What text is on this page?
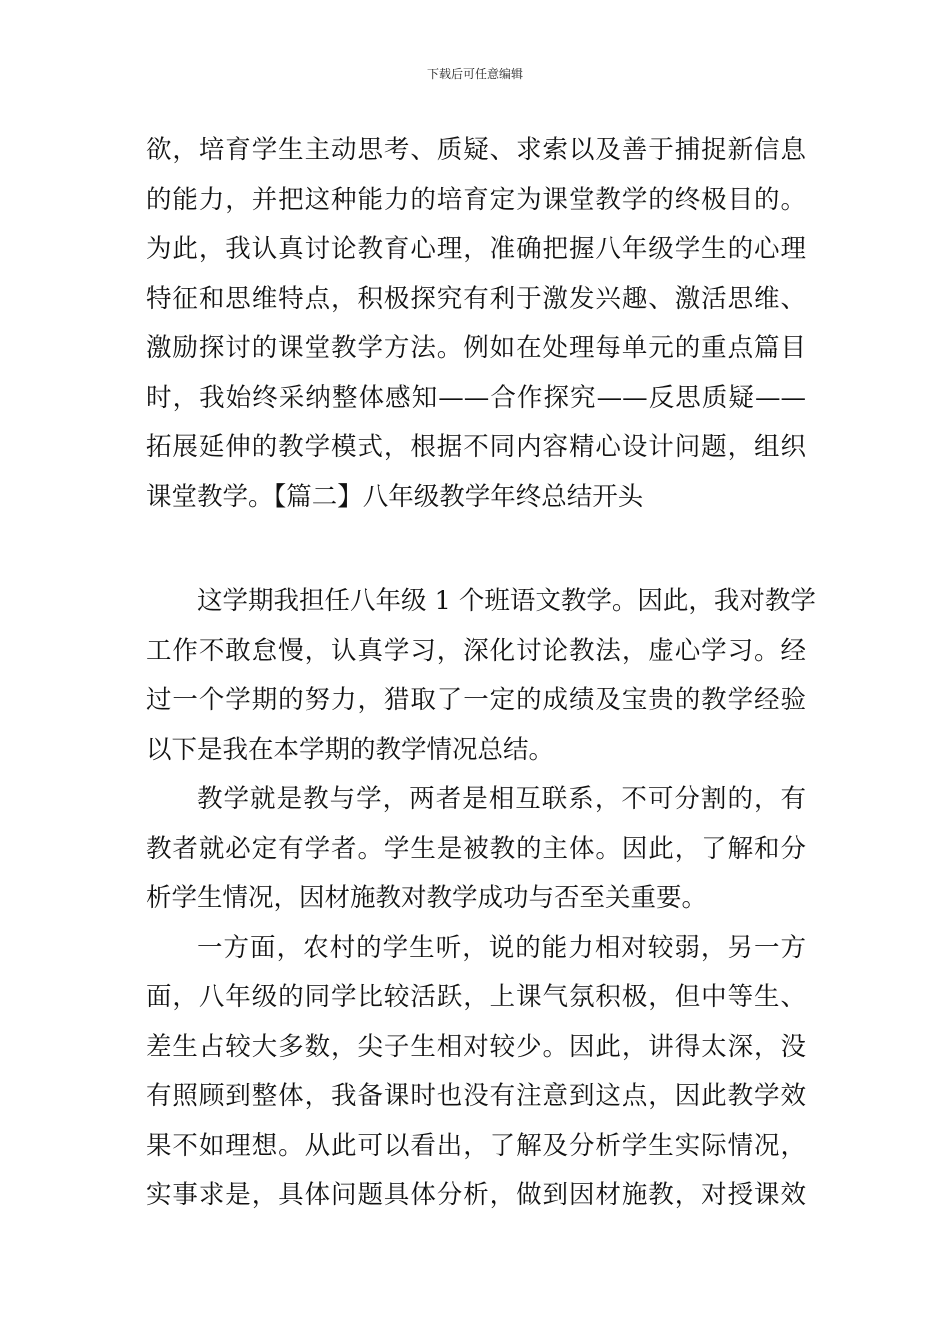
下载后可任意编辑
欲，培育学生主动思考、质疑、求索以及善于捕捉新信息
的能力，并把这种能力的培育定为课堂教学的终极目的。
为此，我认真讨论教育心理，准确把握八年级学生的心理
特征和思维特点，积极探究有利于激发兴趣、激活思维、
激励探讨的课堂教学方法。例如在处理每单元的重点篇目
时，我始终采纳整体感知——合作探究——反思质疑——
拓展延伸的教学模式，根据不同内容精心设计问题，组织
课堂教学。【篇二】八年级教学年终总结开头
这学期我担任八年级 1 个班语文教学。因此，我对教学
工作不敢怠慢，认真学习，深化讨论教法，虚心学习。经
过一个学期的努力，猎取了一定的成绩及宝贵的教学经验
以下是我在本学期的教学情况总结。
教学就是教与学，两者是相互联系，不可分割的，有
教者就必定有学者。学生是被教的主体。因此，了解和分
析学生情况，因材施教对教学成功与否至关重要。
一方面，农村的学生听，说的能力相对较弱，另一方
面，八年级的同学比较活跃，上课气氛积极，但中等生、
差生占较大多数，尖子生相对较少。因此，讲得太深，没
有照顾到整体，我备课时也没有注意到这点，因此教学效
果不如理想。从此可以看出，了解及分析学生实际情况，
实事求是，具体问题具体分析，做到因材施教，对授课效
